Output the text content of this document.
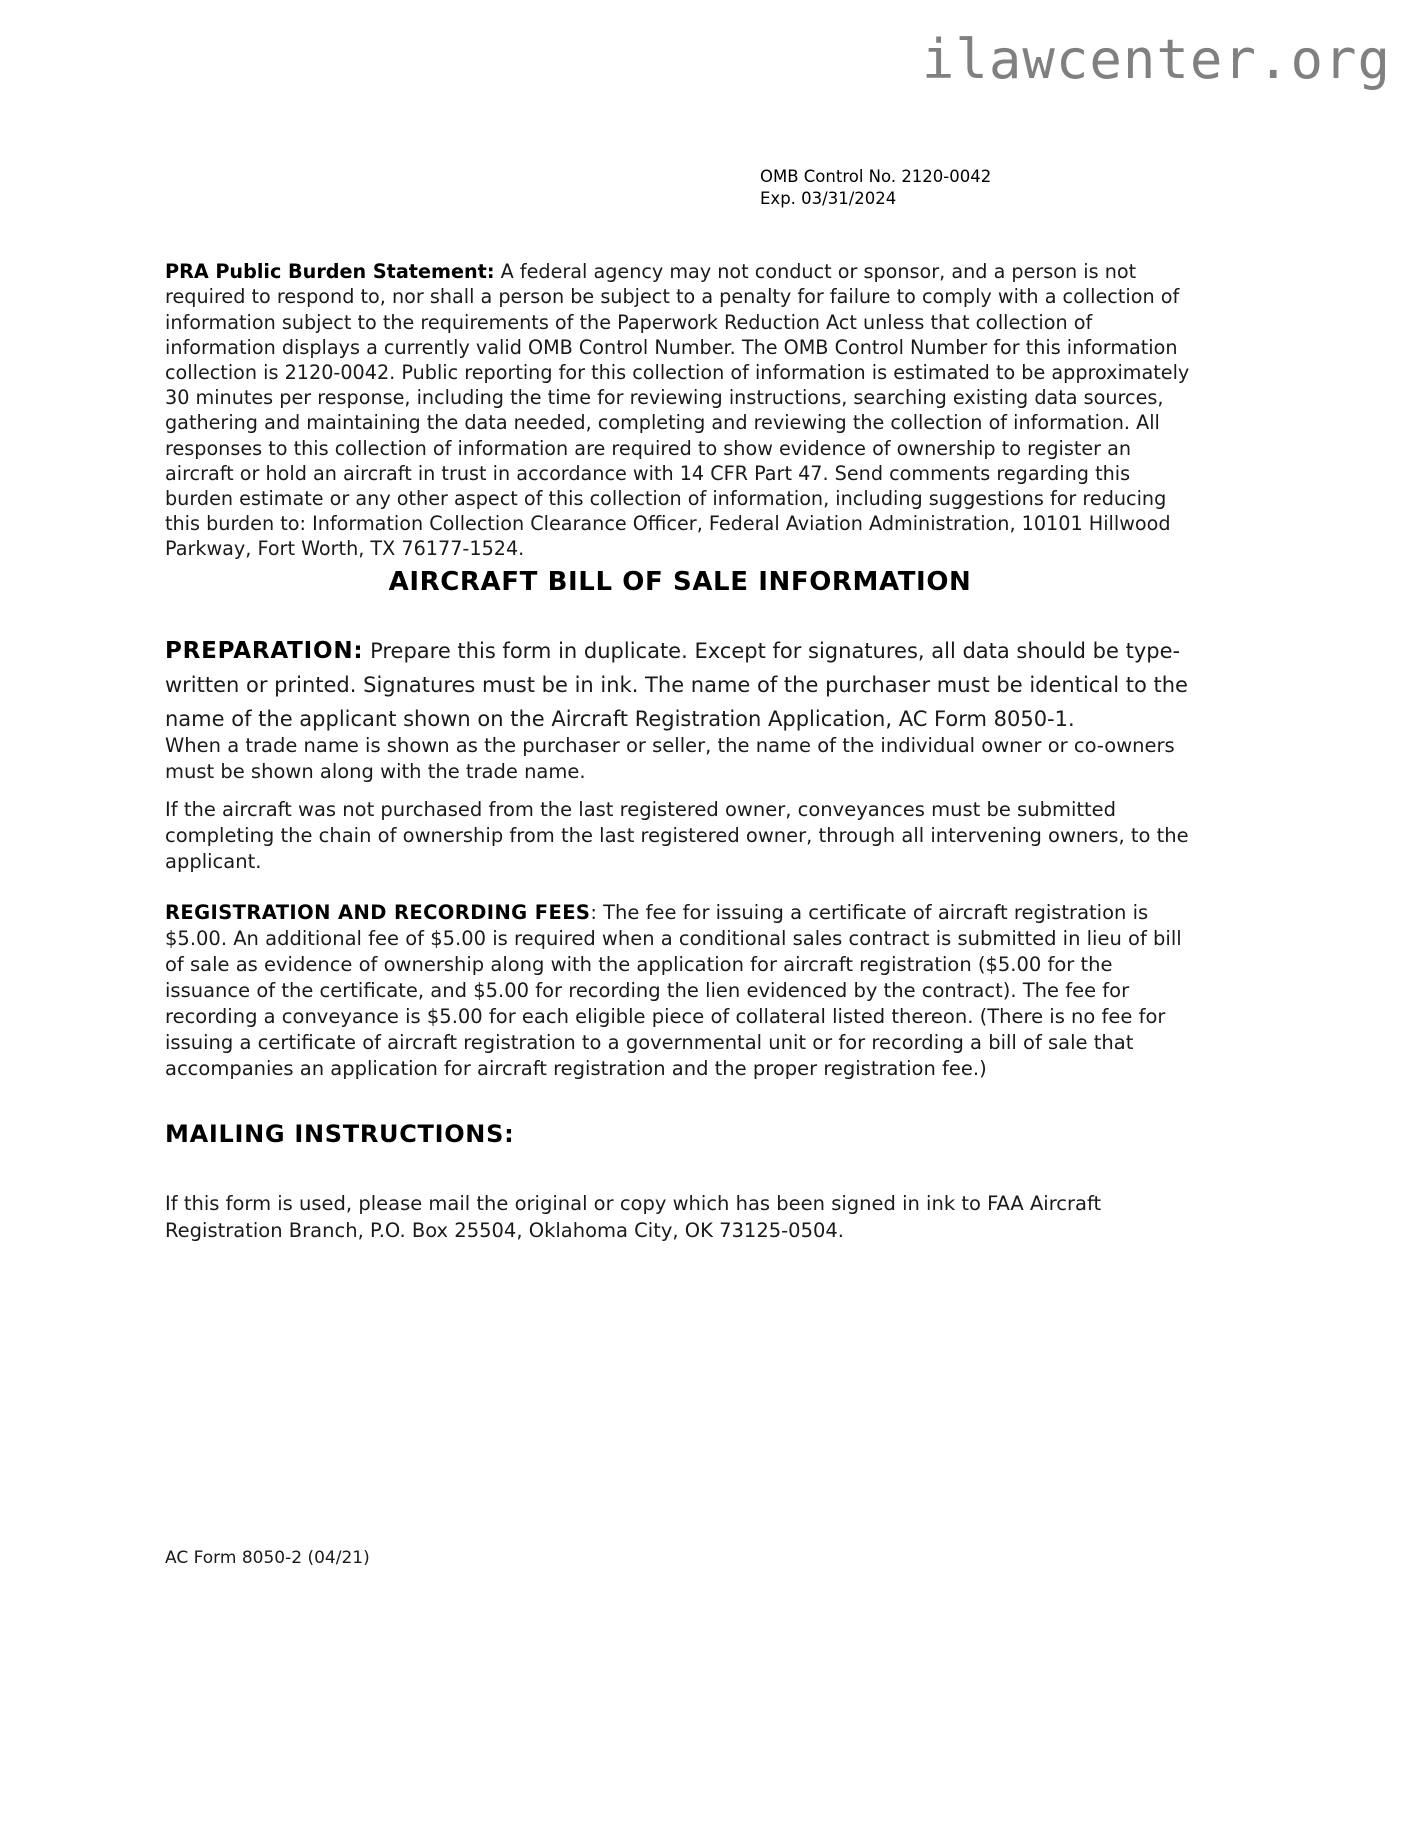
ilawcenter.org
OMB Control No. 2120-0042
Exp. 03/31/2024

PRA Public Burden Statement: A federal agency may not conduct or sponsor, and a person is not required to respond to, nor shall a person be subject to a penalty for failure to comply with a collection of information subject to the requirements of the Paperwork Reduction Act unless that collection of information displays a currently valid OMB Control Number. The OMB Control Number for this information collection is 2120-0042. Public reporting for this collection of information is estimated to be approximately 30 minutes per response, including the time for reviewing instructions, searching existing data sources, gathering and maintaining the data needed, completing and reviewing the collection of information. All responses to this collection of information are required to show evidence of ownership to register an aircraft or hold an aircraft in trust in accordance with 14 CFR Part 47. Send comments regarding this burden estimate or any other aspect of this collection of information, including suggestions for reducing this burden to: Information Collection Clearance Officer, Federal Aviation Administration, 10101 Hillwood Parkway, Fort Worth, TX 76177-1524.

AIRCRAFT BILL OF SALE INFORMATION

PREPARATION: Prepare this form in duplicate. Except for signatures, all data should be type-written or printed. Signatures must be in ink. The name of the purchaser must be identical to the name of the applicant shown on the Aircraft Registration Application, AC Form 8050-1.

When a trade name is shown as the purchaser or seller, the name of the individual owner or co-owners must be shown along with the trade name.

If the aircraft was not purchased from the last registered owner, conveyances must be submitted completing the chain of ownership from the last registered owner, through all intervening owners, to the applicant.

REGISTRATION AND RECORDING FEES: The fee for issuing a certificate of aircraft registration is $5.00. An additional fee of $5.00 is required when a conditional sales contract is submitted in lieu of bill of sale as evidence of ownership along with the application for aircraft registration ($5.00 for the issuance of the certificate, and $5.00 for recording the lien evidenced by the contract). The fee for recording a conveyance is $5.00 for each eligible piece of collateral listed thereon. (There is no fee for issuing a certificate of aircraft registration to a governmental unit or for recording a bill of sale that accompanies an application for aircraft registration and the proper registration fee.)

MAILING INSTRUCTIONS:

If this form is used, please mail the original or copy which has been signed in ink to FAA Aircraft Registration Branch, P.O. Box 25504, Oklahoma City, OK 73125-0504.

AC Form 8050-2 (04/21)
